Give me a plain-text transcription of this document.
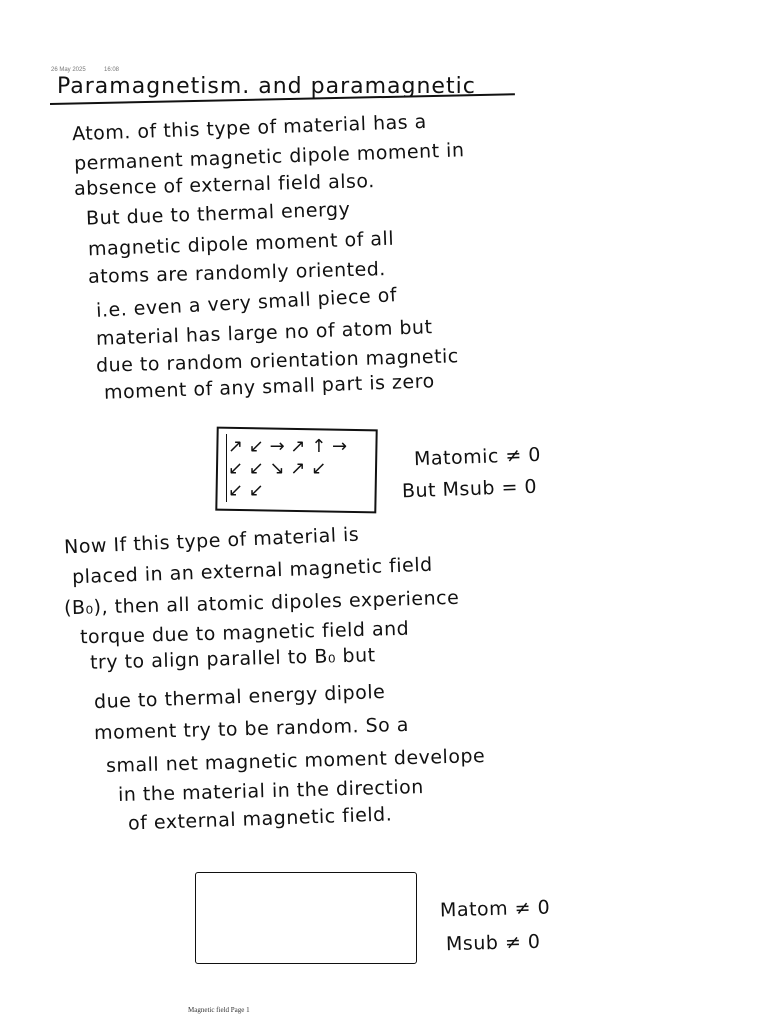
26 May 2025	16:08
Paramagnetism. and paramagnetic
Atom. of this type of material has a
permanent magnetic dipole moment in
absence of external field also.
But due to thermal energy
magnetic dipole moment of all
atoms are randomly oriented.
i.e. even a very small piece of
material has large no of atom but
due to random orientation magnetic
moment of any small part is zero
↗ ↙ → ↗ ↑ →
↙ ↙ ↘ ↗ ↙
↙ ↙
Matomic ≠ 0
But Msub = 0
Now If this type of material is
placed in an external magnetic field
(B₀), then all atomic dipoles experience
torque due to magnetic field and
try to align parallel to B₀ but
due to thermal energy dipole
moment try to be random. So a
small net magnetic moment develope
in the material in the direction
of external magnetic field.
Matom ≠ 0
Msub ≠ 0
Magnetic field Page 1
